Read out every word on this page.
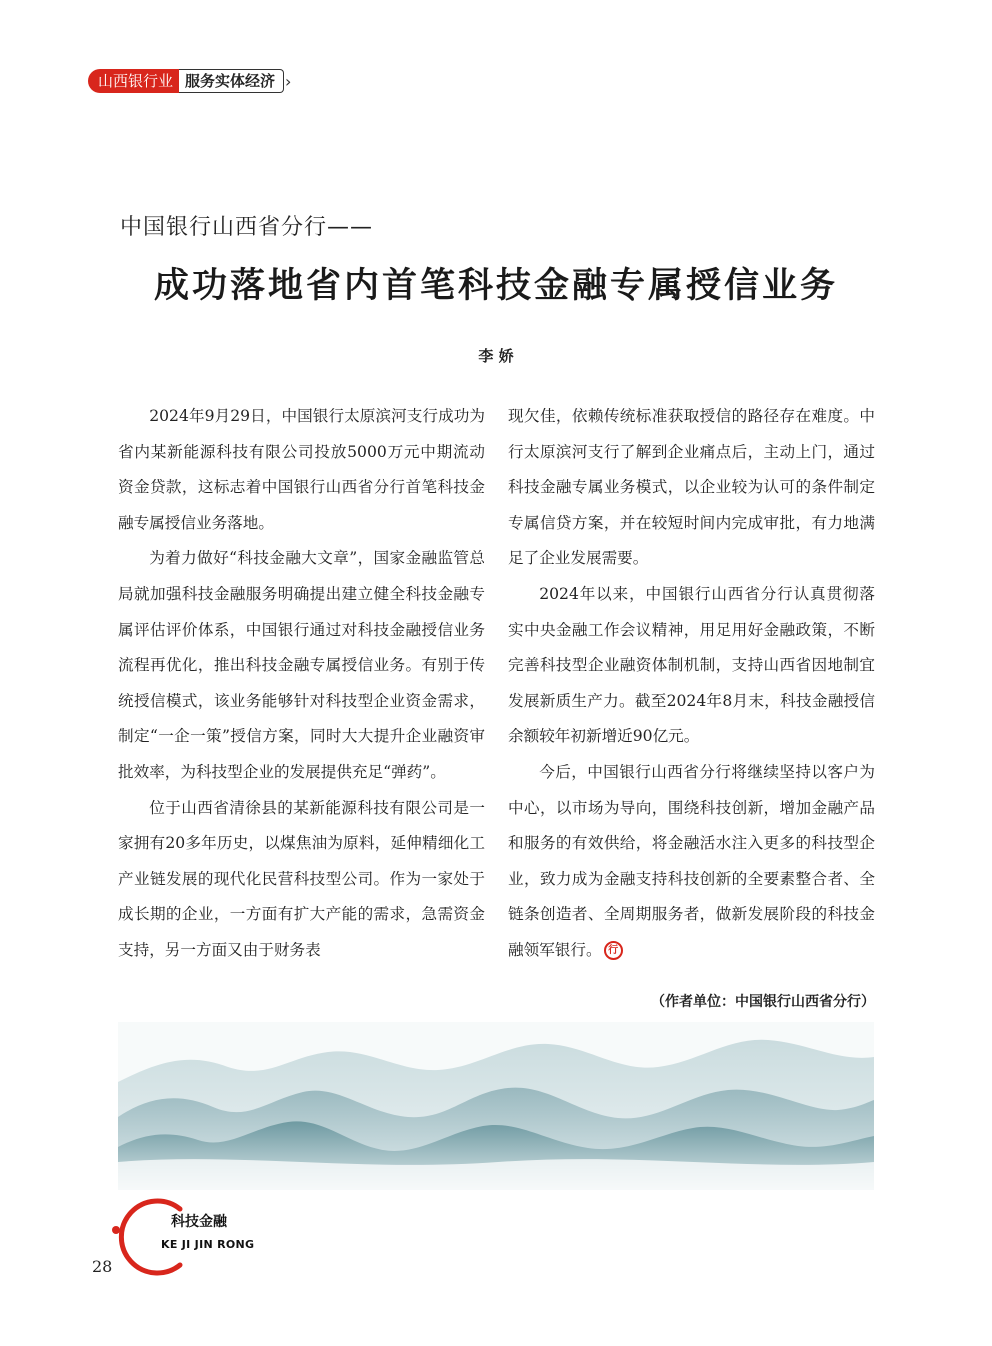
山西银行业 服务实体经济 ›
中国银行山西省分行——
成功落地省内首笔科技金融专属授信业务

李 娇

2024年9月29日，中国银行太原滨河支行成功为省内某新能源科技有限公司投放5000万元中期流动资金贷款，这标志着中国银行山西省分行首笔科技金融专属授信业务落地。

为着力做好“科技金融大文章”，国家金融监管总局就加强科技金融服务明确提出建立健全科技金融专属评估评价体系，中国银行通过对科技金融授信业务流程再优化，推出科技金融专属授信业务。有别于传统授信模式，该业务能够针对科技型企业资金需求，制定“一企一策”授信方案，同时大大提升企业融资审批效率，为科技型企业的发展提供充足“弹药”。

位于山西省清徐县的某新能源科技有限公司是一家拥有20多年历史，以煤焦油为原料，延伸精细化工产业链发展的现代化民营科技型公司。作为一家处于成长期的企业，一方面有扩大产能的需求，急需资金支持，另一方面又由于财务表

现欠佳，依赖传统标准获取授信的路径存在难度。中行太原滨河支行了解到企业痛点后，主动上门，通过科技金融专属业务模式，以企业较为认可的条件制定专属信贷方案，并在较短时间内完成审批，有力地满足了企业发展需要。

2024年以来，中国银行山西省分行认真贯彻落实中央金融工作会议精神，用足用好金融政策，不断完善科技型企业融资体制机制，支持山西省因地制宜发展新质生产力。截至2024年8月末，科技金融授信余额较年初新增近90亿元。

今后，中国银行山西省分行将继续坚持以客户为中心，以市场为导向，围绕科技创新，增加金融产品和服务的有效供给，将金融活水注入更多的科技型企业，致力成为金融支持科技创新的全要素整合者、全链条创造者、全周期服务者，做新发展阶段的科技金融领军银行。 行

（作者单位：中国银行山西省分行）

科技金融

KE JI JIN RONG

28
